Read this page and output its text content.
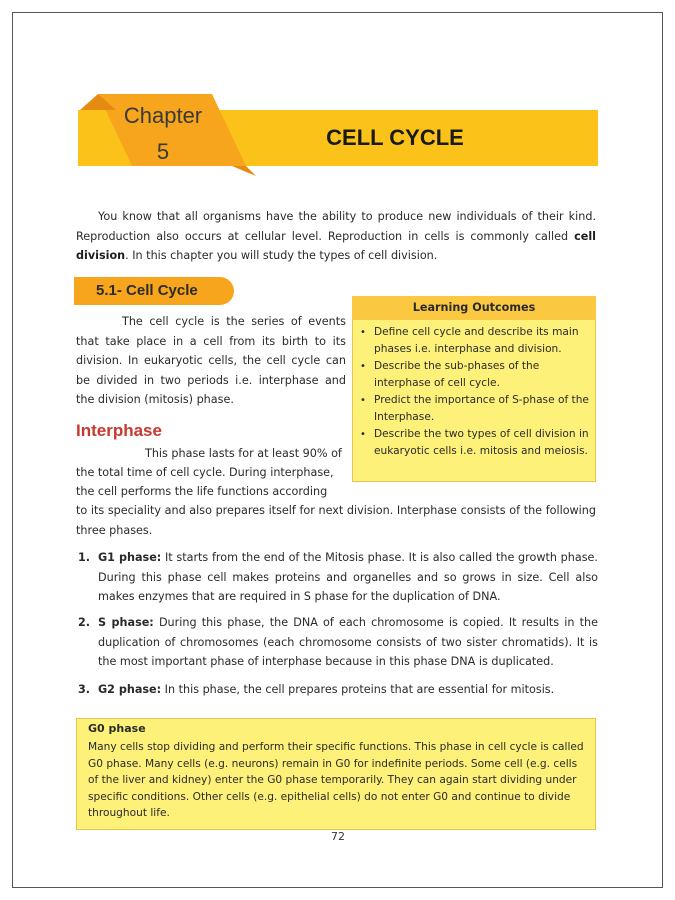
Chapter
5
CELL CYCLE

You know that all organisms have the ability to produce new individuals of their kind. Reproduction also occurs at cellular level. Reproduction in cells is commonly called cell division. In this chapter you will study the types of cell division.

5.1- Cell Cycle

The cell cycle is the series of events that take place in a cell from its birth to its division. In eukaryotic cells, the cell cycle can be divided in two periods i.e. interphase and the division (mitosis) phase.

Learning Outcomes
• Define cell cycle and describe its main phases i.e. interphase and division.
• Describe the sub-phases of the interphase of cell cycle.
• Predict the importance of S-phase of the Interphase.
• Describe the two types of cell division in eukaryotic cells i.e. mitosis and meiosis.
Interphase

This phase lasts for at least 90% of

the total time of cell cycle. During interphase,

the cell performs the life functions according

to its speciality and also prepares itself for next division. Interphase consists of the following three phases.

1. G1 phase: It starts from the end of the Mitosis phase. It is also called the growth phase. During this phase cell makes proteins and organelles and so grows in size. Cell also makes enzymes that are required in S phase for the duplication of DNA.
2. S phase: During this phase, the DNA of each chromosome is copied. It results in the duplication of chromosomes (each chromosome consists of two sister chromatids). It is the most important phase of interphase because in this phase DNA is duplicated.
3. G2 phase: In this phase, the cell prepares proteins that are essential for mitosis.
G0 phase
Many cells stop dividing and perform their specific functions. This phase in cell cycle is called G0 phase. Many cells (e.g. neurons) remain in G0 for indefinite periods. Some cell (e.g. cells of the liver and kidney) enter the G0 phase temporarily. They can again start dividing under specific conditions. Other cells (e.g. epithelial cells) do not enter G0 and continue to divide throughout life.
72
